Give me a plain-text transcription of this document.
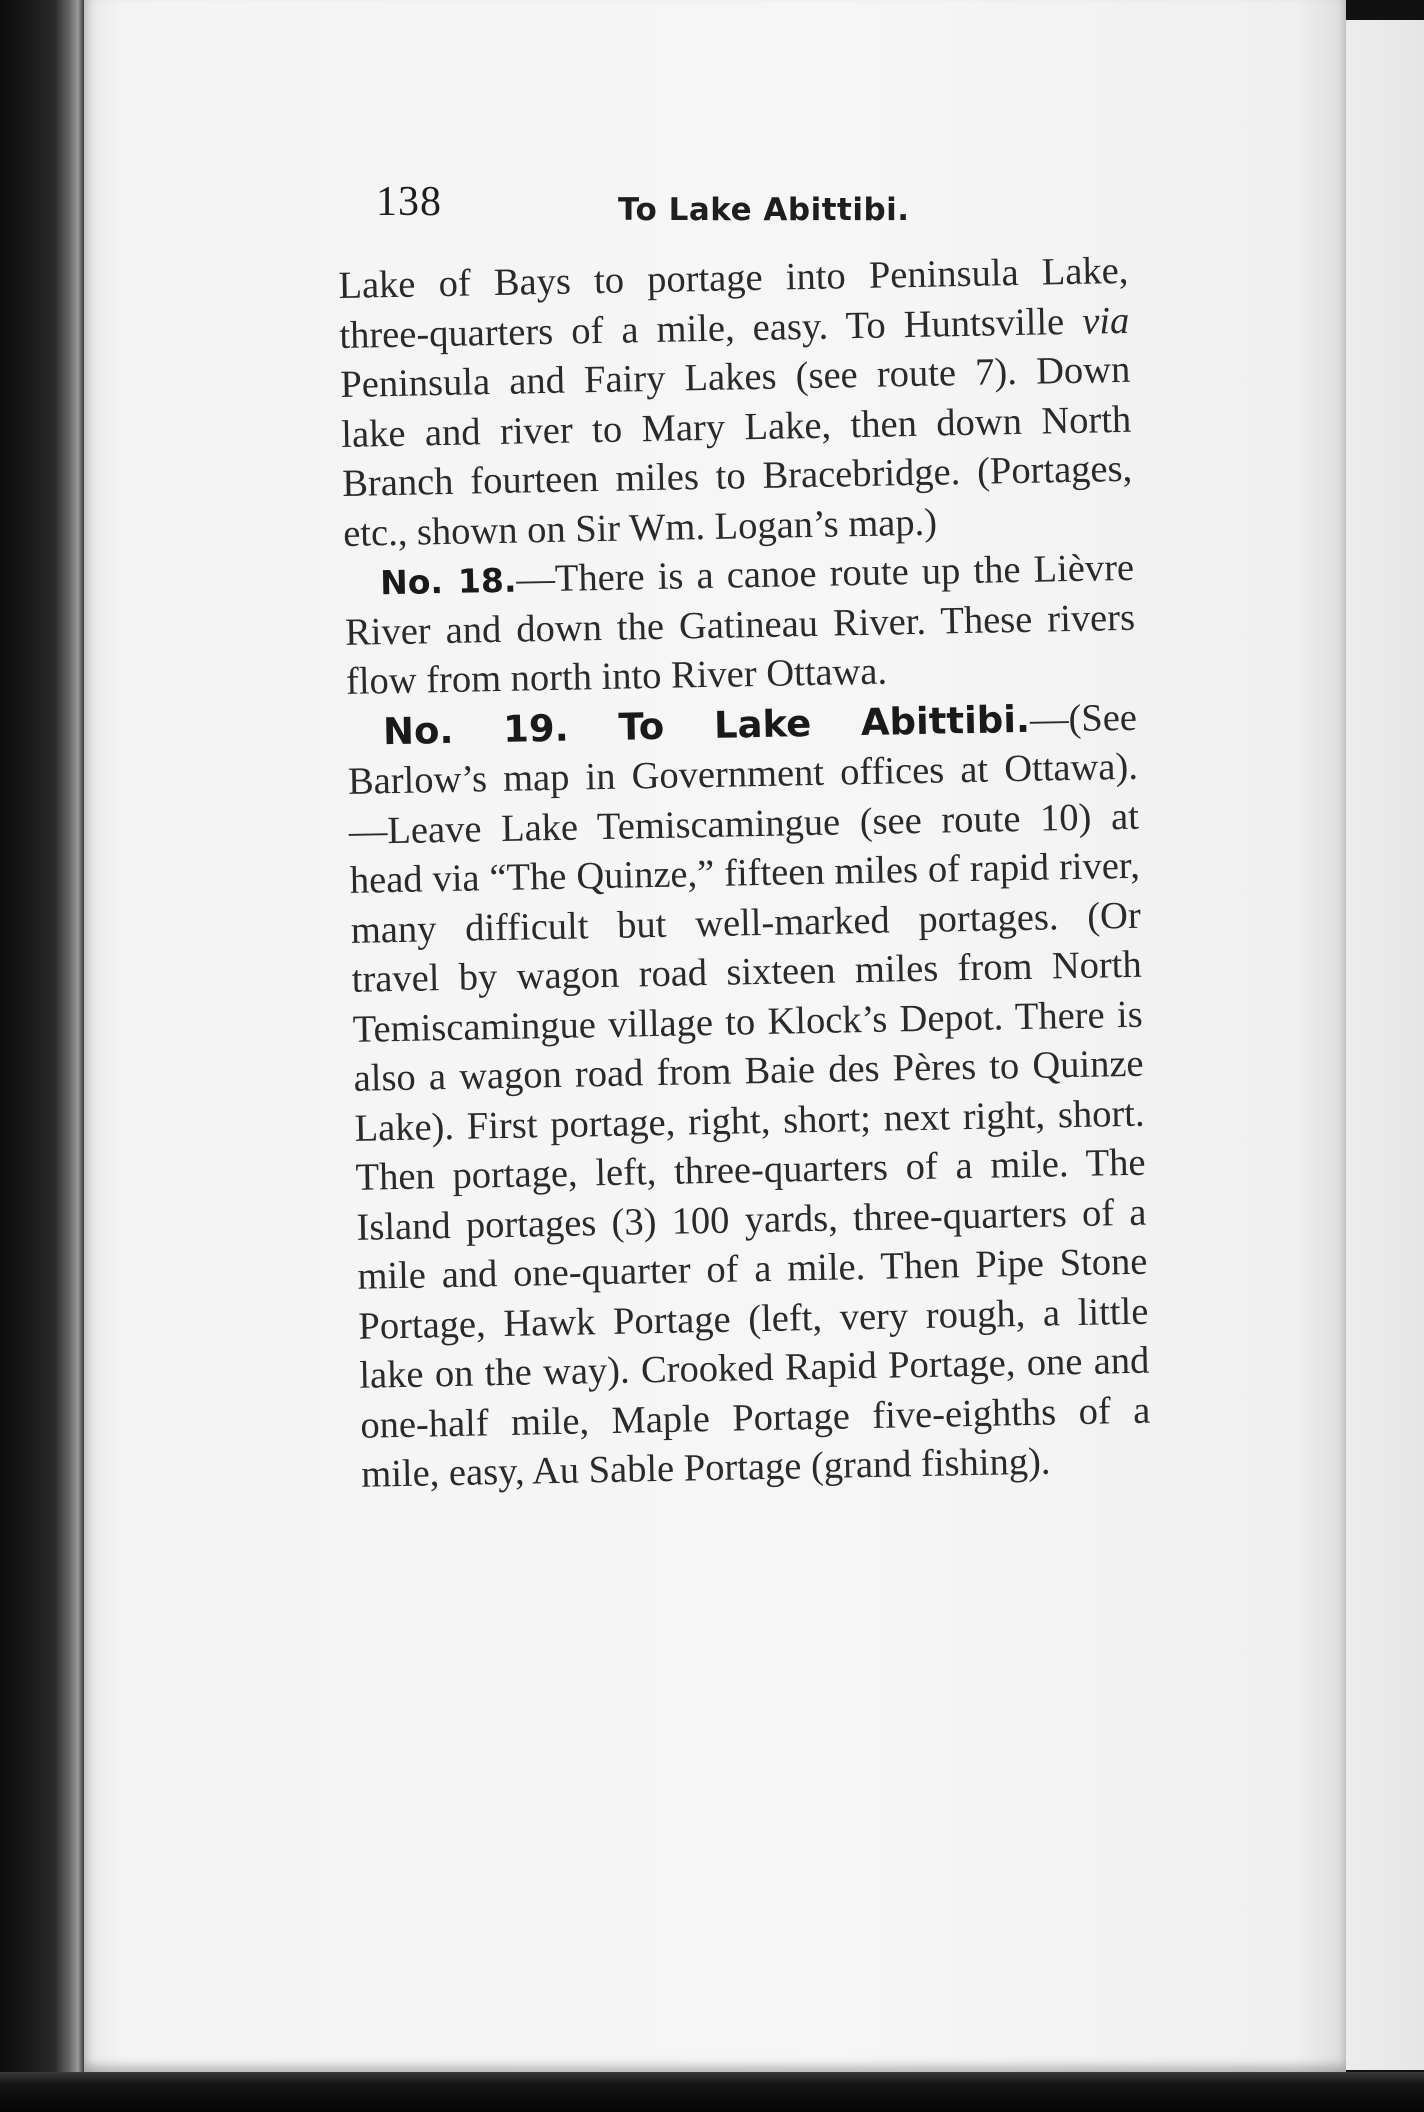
138	To Lake Abittibi.

Lake of Bays to portage into Peninsula Lake, three-quarters of a mile, easy. To Huntsville via Peninsula and Fairy Lakes (see route 7). Down lake and river to Mary Lake, then down North Branch fourteen miles to Bracebridge. (Portages, etc., shown on Sir Wm. Logan’s map.)

No. 18.—There is a canoe route up the Lièvre River and down the Gatineau River. These rivers flow from north into River Ottawa.

No. 19. To Lake Abittibi.—(See Barlow’s map in Government offices at Ottawa). —Leave Lake Temiscamingue (see route 10) at head via “The Quinze,” fifteen miles of rapid river, many difficult but well-marked portages. (Or travel by wagon road sixteen miles from North Temiscamingue village to Klock’s Depot. There is also a wagon road from Baie des Pères to Quinze Lake). First portage, right, short; next right, short. Then portage, left, three-quarters of a mile. The Island portages (3) 100 yards, three-quarters of a mile and one-quarter of a mile. Then Pipe Stone Portage, Hawk Portage (left, very rough, a little lake on the way). Crooked Rapid Portage, one and one-half mile, Maple Portage five-eighths of a mile, easy, Au Sable Portage (grand fishing).
